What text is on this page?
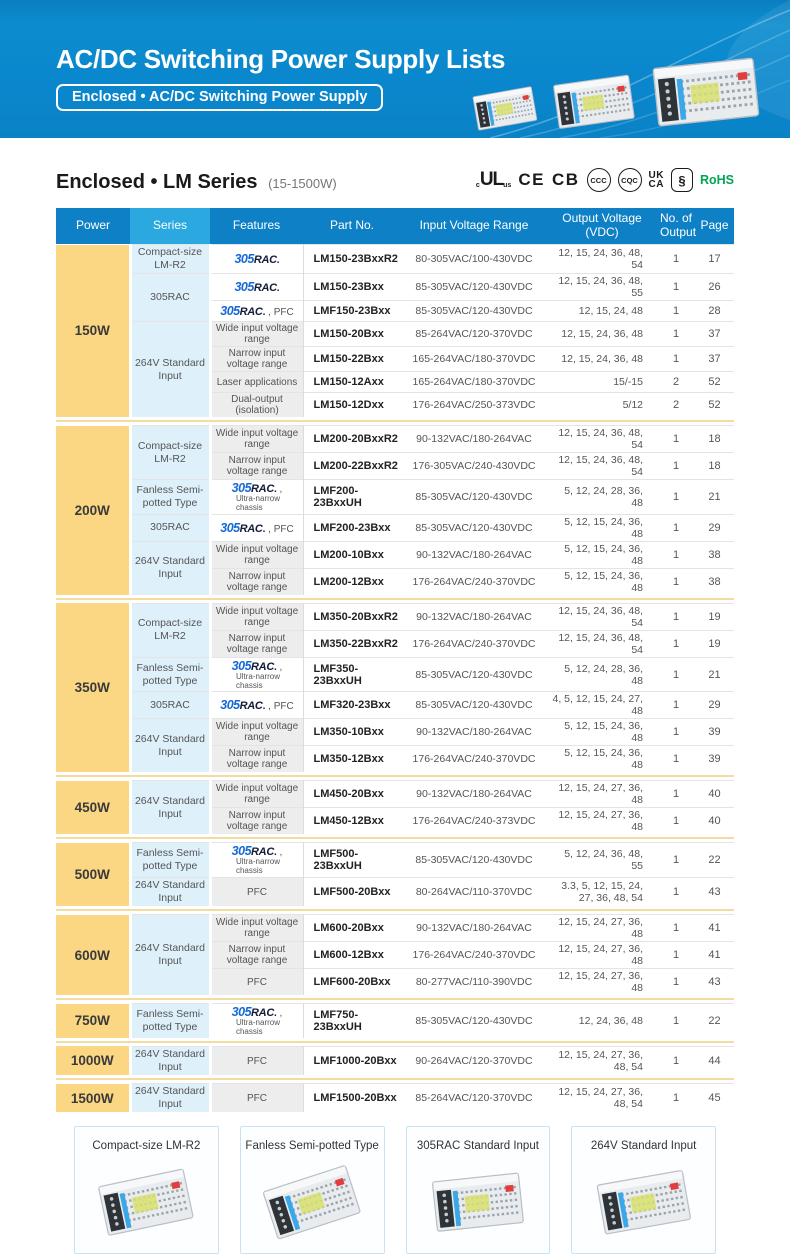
AC/DC Switching Power Supply Lists
Enclosed • AC/DC Switching Power Supply
Enclosed • LM Series (15-1500W)	c UL us CE CB	CCC	CQC	UK
CA	§	RoHS
Power	Series	Features	Part No.	Input Voltage Range	Output Voltage (VDC)	No. of Output	Page
150W	Compact-size LM-R2	305RAC.	LM150-23BxxR2	80-305VAC/100-430VDC	12, 15, 24, 36, 48, 54	1	17
	305RAC	305RAC.	LM150-23Bxx	85-305VAC/120-430VDC	12, 15, 24, 36, 48, 55	1	26
		305RAC. , PFC	LMF150-23Bxx	85-305VAC/120-430VDC	12, 15, 24, 48	1	28
	264V Standard Input	Wide input voltage range	LM150-20Bxx	85-264VAC/120-370VDC	12, 15, 24, 36, 48	1	37
		Narrow input voltage range	LM150-22Bxx	165-264VAC/180-370VDC	12, 15, 24, 36, 48	1	37
		Laser applications	LM150-12Axx	165-264VAC/180-370VDC	15/-15	2	52
		Dual-output (isolation)	LM150-12Dxx	176-264VAC/250-373VDC	5/12	2	52
200W	Compact-size LM-R2	Wide input voltage range	LM200-20BxxR2	90-132VAC/180-264VAC	12, 15, 24, 36, 48, 54	1	18
		Narrow input voltage range	LM200-22BxxR2	176-305VAC/240-430VDC	12, 15, 24, 36, 48, 54	1	18
	Fanless Semi-potted Type	305RAC. ,Ultra-narrow
chassis	LMF200-23BxxUH	85-305VAC/120-430VDC	5, 12, 24, 28, 36, 48	1	21
	305RAC	305RAC. , PFC	LMF200-23Bxx	85-305VAC/120-430VDC	5, 12, 15, 24, 36, 48	1	29
	264V Standard Input	Wide input voltage range	LM200-10Bxx	90-132VAC/180-264VAC	5, 12, 15, 24, 36, 48	1	38
		Narrow input voltage range	LM200-12Bxx	176-264VAC/240-370VDC	5, 12, 15, 24, 36, 48	1	38
350W	Compact-size LM-R2	Wide input voltage range	LM350-20BxxR2	90-132VAC/180-264VAC	12, 15, 24, 36, 48, 54	1	19
		Narrow input voltage range	LM350-22BxxR2	176-264VAC/240-370VDC	12, 15, 24, 36, 48, 54	1	19
	Fanless Semi-potted Type	305RAC. ,Ultra-narrow
chassis	LMF350-23BxxUH	85-305VAC/120-430VDC	5, 12, 24, 28, 36, 48	1	21
	305RAC	305RAC. , PFC	LMF320-23Bxx	85-305VAC/120-430VDC	4, 5, 12, 15, 24, 27, 48	1	29
	264V Standard Input	Wide input voltage range	LM350-10Bxx	90-132VAC/180-264VAC	5, 12, 15, 24, 36, 48	1	39
		Narrow input voltage range	LM350-12Bxx	176-264VAC/240-370VDC	5, 12, 15, 24, 36, 48	1	39
450W	264V Standard Input	Wide input voltage range	LM450-20Bxx	90-132VAC/180-264VAC	12, 15, 24, 27, 36, 48	1	40
		Narrow input voltage range	LM450-12Bxx	176-264VAC/240-373VDC	12, 15, 24, 27, 36, 48	1	40
500W	Fanless Semi-potted Type	305RAC. ,Ultra-narrow
chassis	LMF500-23BxxUH	85-305VAC/120-430VDC	5, 12, 24, 36, 48, 55	1	22
	264V Standard Input	PFC	LMF500-20Bxx	80-264VAC/110-370VDC	3.3, 5, 12, 15, 24, 27, 36, 48, 54	1	43
600W	264V Standard Input	Wide input voltage range	LM600-20Bxx	90-132VAC/180-264VAC	12, 15, 24, 27, 36, 48	1	41
		Narrow input voltage range	LM600-12Bxx	176-264VAC/240-370VDC	12, 15, 24, 27, 36, 48	1	41
		PFC	LMF600-20Bxx	80-277VAC/110-390VDC	12, 15, 24, 27, 36, 48	1	43
750W	Fanless Semi-potted Type	305RAC. ,Ultra-narrow
chassis	LMF750-23BxxUH	85-305VAC/120-430VDC	12, 24, 36, 48	1	22
1000W	264V Standard Input	PFC	LMF1000-20Bxx	90-264VAC/120-370VDC	12, 15, 24, 27, 36, 48, 54	1	44
1500W	264V Standard Input	PFC	LMF1500-20Bxx	85-264VAC/120-370VDC	12, 15, 24, 27, 36, 48, 54	1	45
Compact-size LM-R2	Fanless Semi-potted Type	305RAC Standard Input	264V Standard Input
